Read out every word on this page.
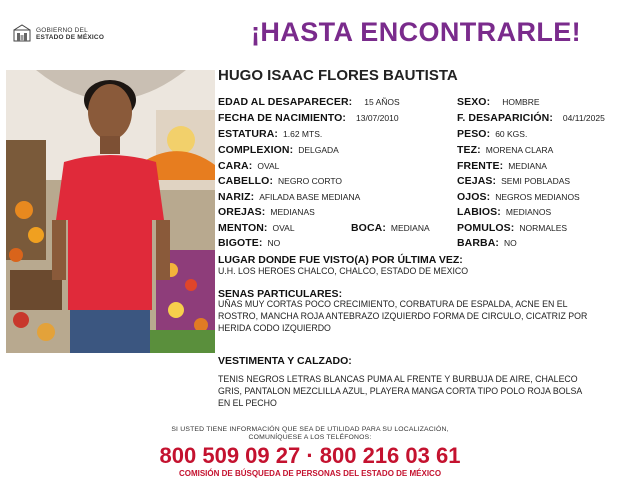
GOBIERNO DEL
ESTADO DE MÉXICO	¡HASTA ENCONTRARLE!
HUGO ISAAC FLORES BAUTISTA
EDAD AL DESAPARECER: 15 AÑOS
FECHA DE NACIMIENTO: 13/07/2010
ESTATURA: 1.62 MTS.
COMPLEXION: DELGADA
CARA: OVAL
CABELLO: NEGRO CORTO
NARIZ: AFILADA BASE MEDIANA
OREJAS: MEDIANAS
MENTON: OVAL	BOCA: MEDIANA
BIGOTE: NO
SEXO: HOMBRE
F. DESAPARICIÓN: 04/11/2025
PESO: 60 KGS.
TEZ: MORENA CLARA
FRENTE: MEDIANA
CEJAS: SEMI POBLADAS
OJOS: NEGROS MEDIANOS
LABIOS: MEDIANOS
POMULOS: NORMALES
BARBA: NO
LUGAR DONDE FUE VISTO(A) POR ÚLTIMA VEZ:
U.H. LOS HEROES CHALCO, CHALCO, ESTADO DE MEXICO
SENAS PARTICULARES:
UÑAS MUY CORTAS POCO CRECIMIENTO, CORBATURA DE ESPALDA, ACNE EN EL
ROSTRO, MANCHA ROJA ANTEBRAZO IZQUIERDO FORMA DE CIRCULO, CICATRIZ POR
HERIDA CODO IZQUIERDO
VESTIMENTA Y CALZADO:
TENIS NEGROS LETRAS BLANCAS PUMA AL FRENTE Y BURBUJA DE AIRE, CHALECO
GRIS, PANTALON MEZCLILLA AZUL, PLAYERA MANGA CORTA TIPO POLO ROJA BOLSA
EN EL PECHO
SI USTED TIENE INFORMACIÓN QUE SEA DE UTILIDAD PARA SU LOCALIZACIÓN,
COMUNÍQUESE A LOS TELÉFONOS:
800 509 09 27 · 800 216 03 61
COMISIÓN DE BÚSQUEDA DE PERSONAS DEL ESTADO DE MÉXICO
